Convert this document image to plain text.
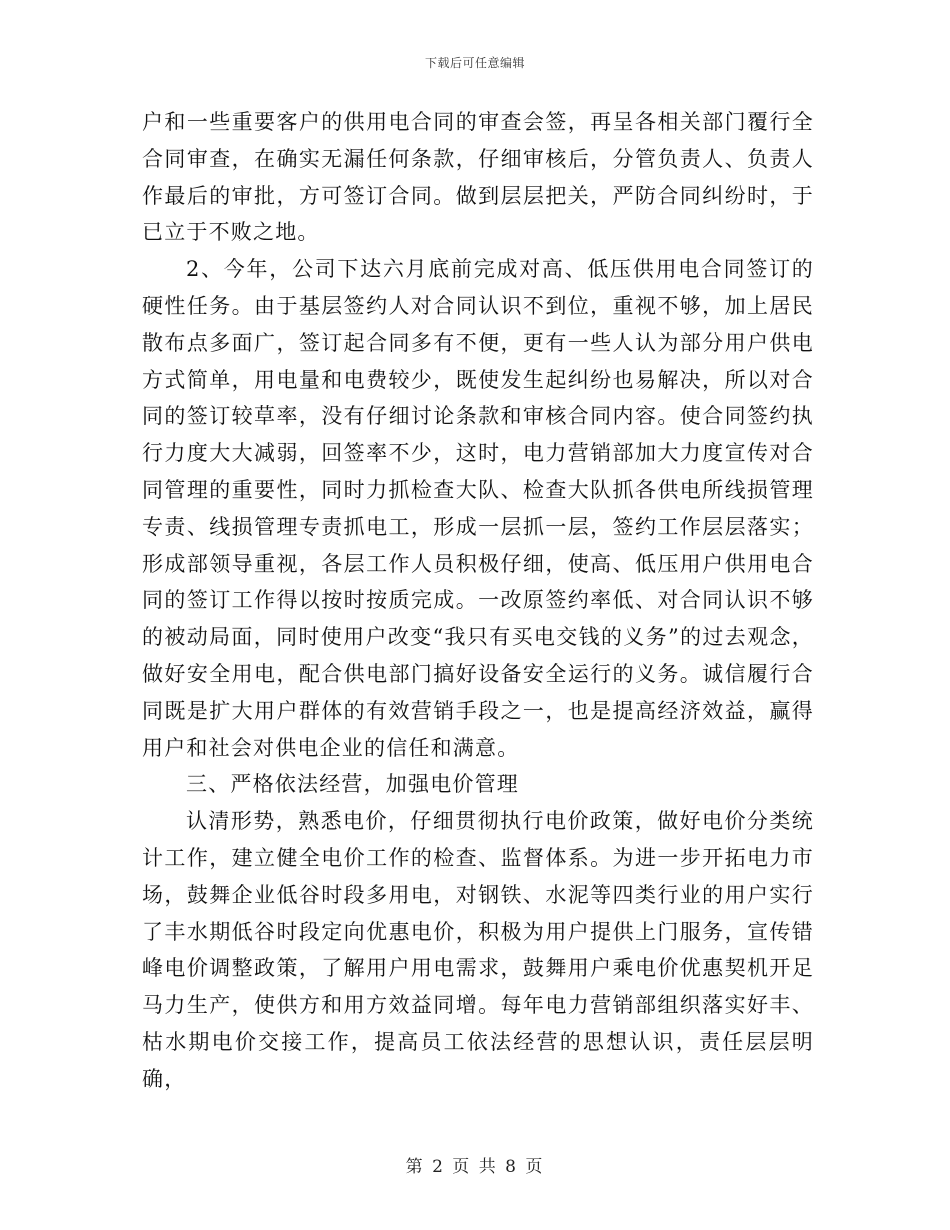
下载后可任意编辑

户和一些重要客户的供用电合同的审查会签，再呈各相关部门覆行全合同审查，在确实无漏任何条款，仔细审核后，分管负责人、负责人作最后的审批，方可签订合同。做到层层把关，严防合同纠纷时，于已立于不败之地。

2、今年，公司下达六月底前完成对高、低压供用电合同签订的硬性任务。由于基层签约人对合同认识不到位，重视不够，加上居民散布点多面广，签订起合同多有不便，更有一些人认为部分用户供电方式简单，用电量和电费较少，既使发生起纠纷也易解决，所以对合同的签订较草率，没有仔细讨论条款和审核合同内容。使合同签约执行力度大大减弱，回签率不少，这时，电力营销部加大力度宣传对合同管理的重要性，同时力抓检查大队、检查大队抓各供电所线损管理专责、线损管理专责抓电工，形成一层抓一层，签约工作层层落实；形成部领导重视，各层工作人员积极仔细，使高、低压用户供用电合同的签订工作得以按时按质完成。一改原签约率低、对合同认识不够的被动局面，同时使用户改变“我只有买电交钱的义务”的过去观念，做好安全用电，配合供电部门搞好设备安全运行的义务。诚信履行合同既是扩大用户群体的有效营销手段之一，也是提高经济效益，赢得用户和社会对供电企业的信任和满意。

三、严格依法经营，加强电价管理

认清形势，熟悉电价，仔细贯彻执行电价政策，做好电价分类统计工作，建立健全电价工作的检查、监督体系。为进一步开拓电力市场，鼓舞企业低谷时段多用电，对钢铁、水泥等四类行业的用户实行了丰水期低谷时段定向优惠电价，积极为用户提供上门服务，宣传错峰电价调整政策，了解用户用电需求，鼓舞用户乘电价优惠契机开足马力生产，使供方和用方效益同增。每年电力营销部组织落实好丰、枯水期电价交接工作，提高员工依法经营的思想认识，责任层层明确，

第 2 页 共 8 页
